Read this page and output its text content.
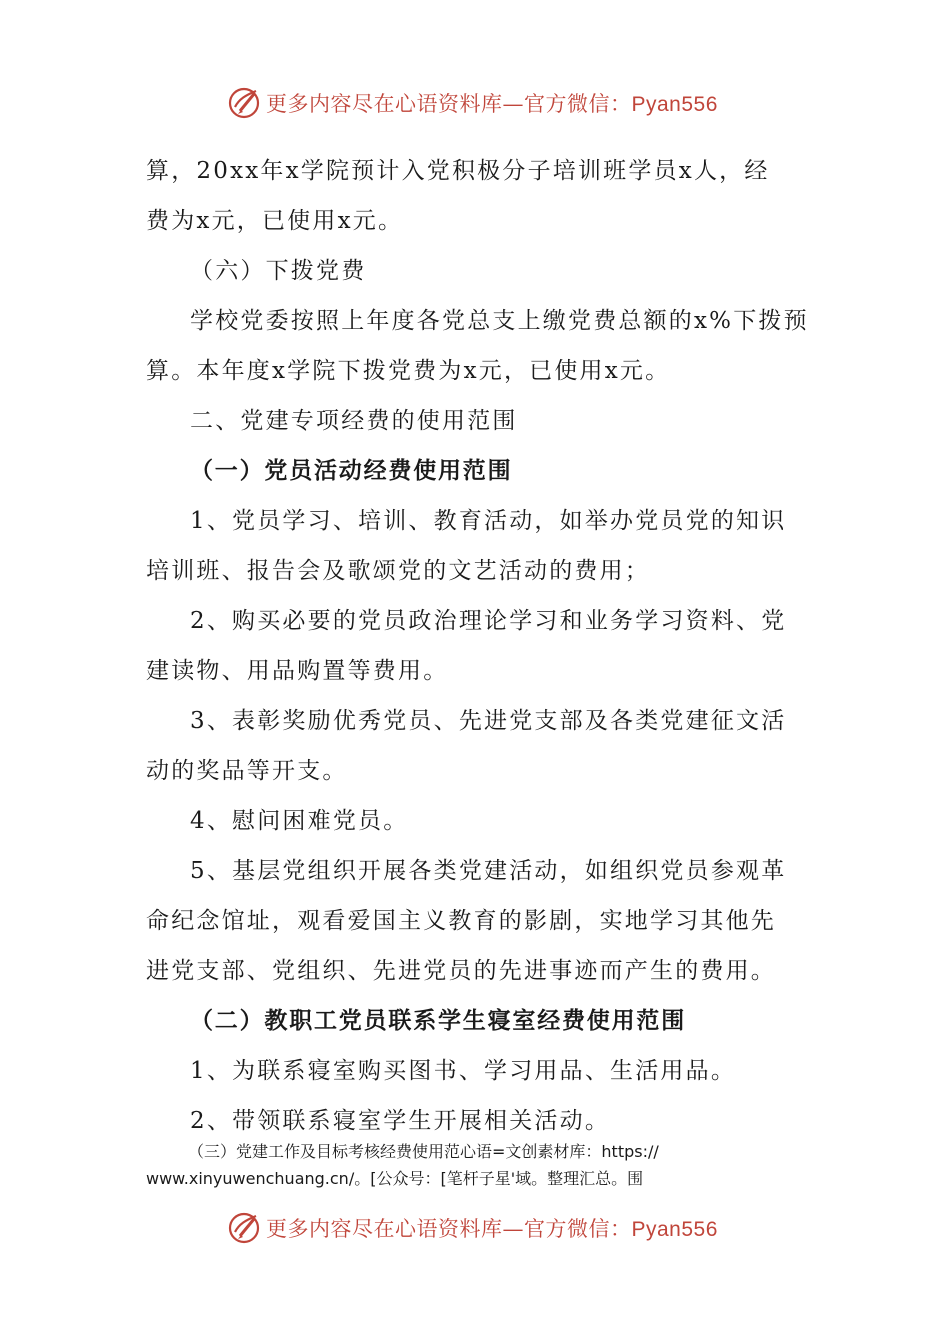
更多内容尽在心语资料库—官方微信：Pyan556
算，20xx年x学院预计入党积极分子培训班学员x人，经
费为x元，已使用x元。
（六）下拨党费
学校党委按照上年度各党总支上缴党费总额的x%下拨预
算。本年度x学院下拨党费为x元，已使用x元。
二、党建专项经费的使用范围
（一）党员活动经费使用范围
1、党员学习、培训、教育活动，如举办党员党的知识
培训班、报告会及歌颂党的文艺活动的费用；
2、购买必要的党员政治理论学习和业务学习资料、党
建读物、用品购置等费用。
3、表彰奖励优秀党员、先进党支部及各类党建征文活
动的奖品等开支。
4、慰问困难党员。
5、基层党组织开展各类党建活动，如组织党员参观革
命纪念馆址，观看爱国主义教育的影剧，实地学习其他先
进党支部、党组织、先进党员的先进事迹而产生的费用。
（二）教职工党员联系学生寝室经费使用范围
1、为联系寝室购买图书、学习用品、生活用品。
2、带领联系寝室学生开展相关活动。
（三）党建工作及目标考核经费使用范心语=文创素材库：https://
www.xinyuwenchuang.cn/。[公众号：[笔杆子星'域。整理汇总。围
更多内容尽在心语资料库—官方微信：Pyan556
